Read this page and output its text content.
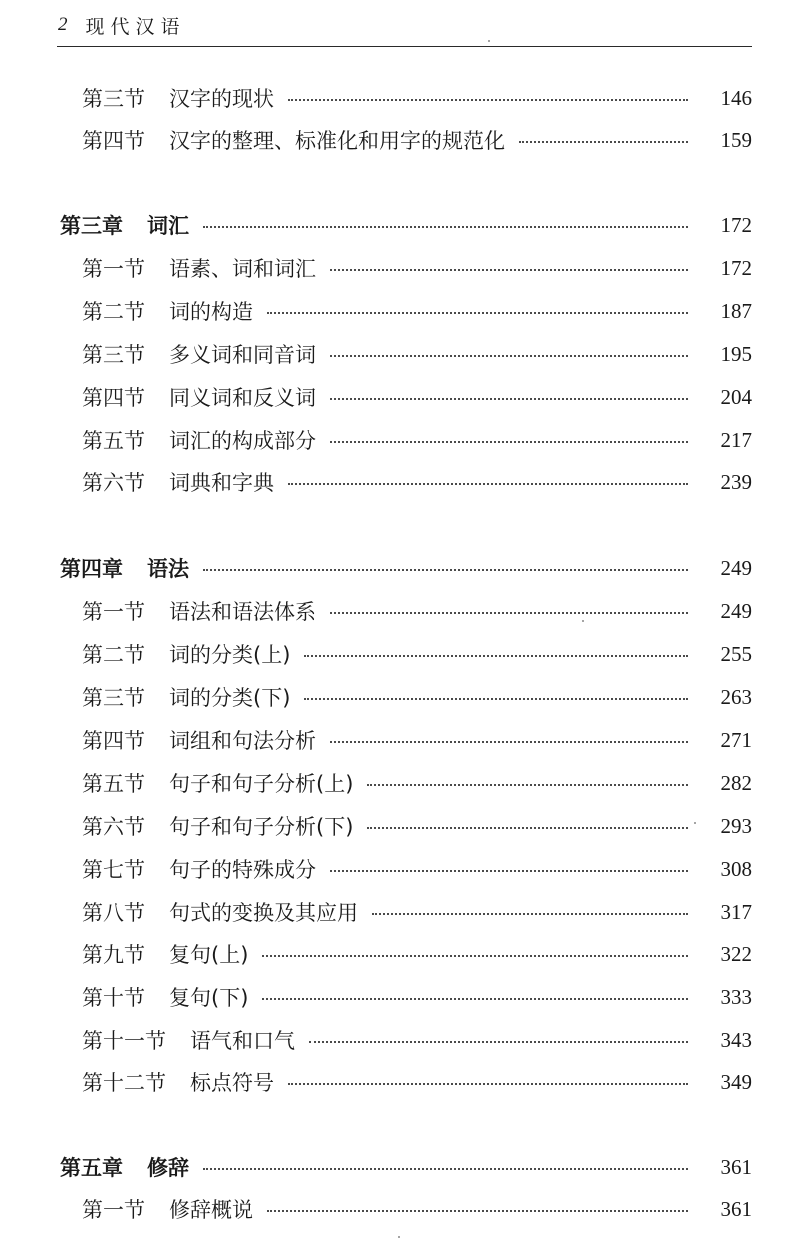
2 现代汉语
第三节 汉字的现状	146
第四节 汉字的整理、标准化和用字的规范化	159
第三章 词汇	172
第一节 语素、词和词汇	172
第二节 词的构造	187
第三节 多义词和同音词	195
第四节 同义词和反义词	204
第五节 词汇的构成部分	217
第六节 词典和字典	239
第四章 语法	249
第一节 语法和语法体系	249
第二节 词的分类(上)	255
第三节 词的分类(下)	263
第四节 词组和句法分析	271
第五节 句子和句子分析(上)	282
第六节 句子和句子分析(下)	293
第七节 句子的特殊成分	308
第八节 句式的变换及其应用	317
第九节 复句(上)	322
第十节 复句(下)	333
第十一节 语气和口气	343
第十二节 标点符号	349
第五章 修辞	361
第一节 修辞概说	361
